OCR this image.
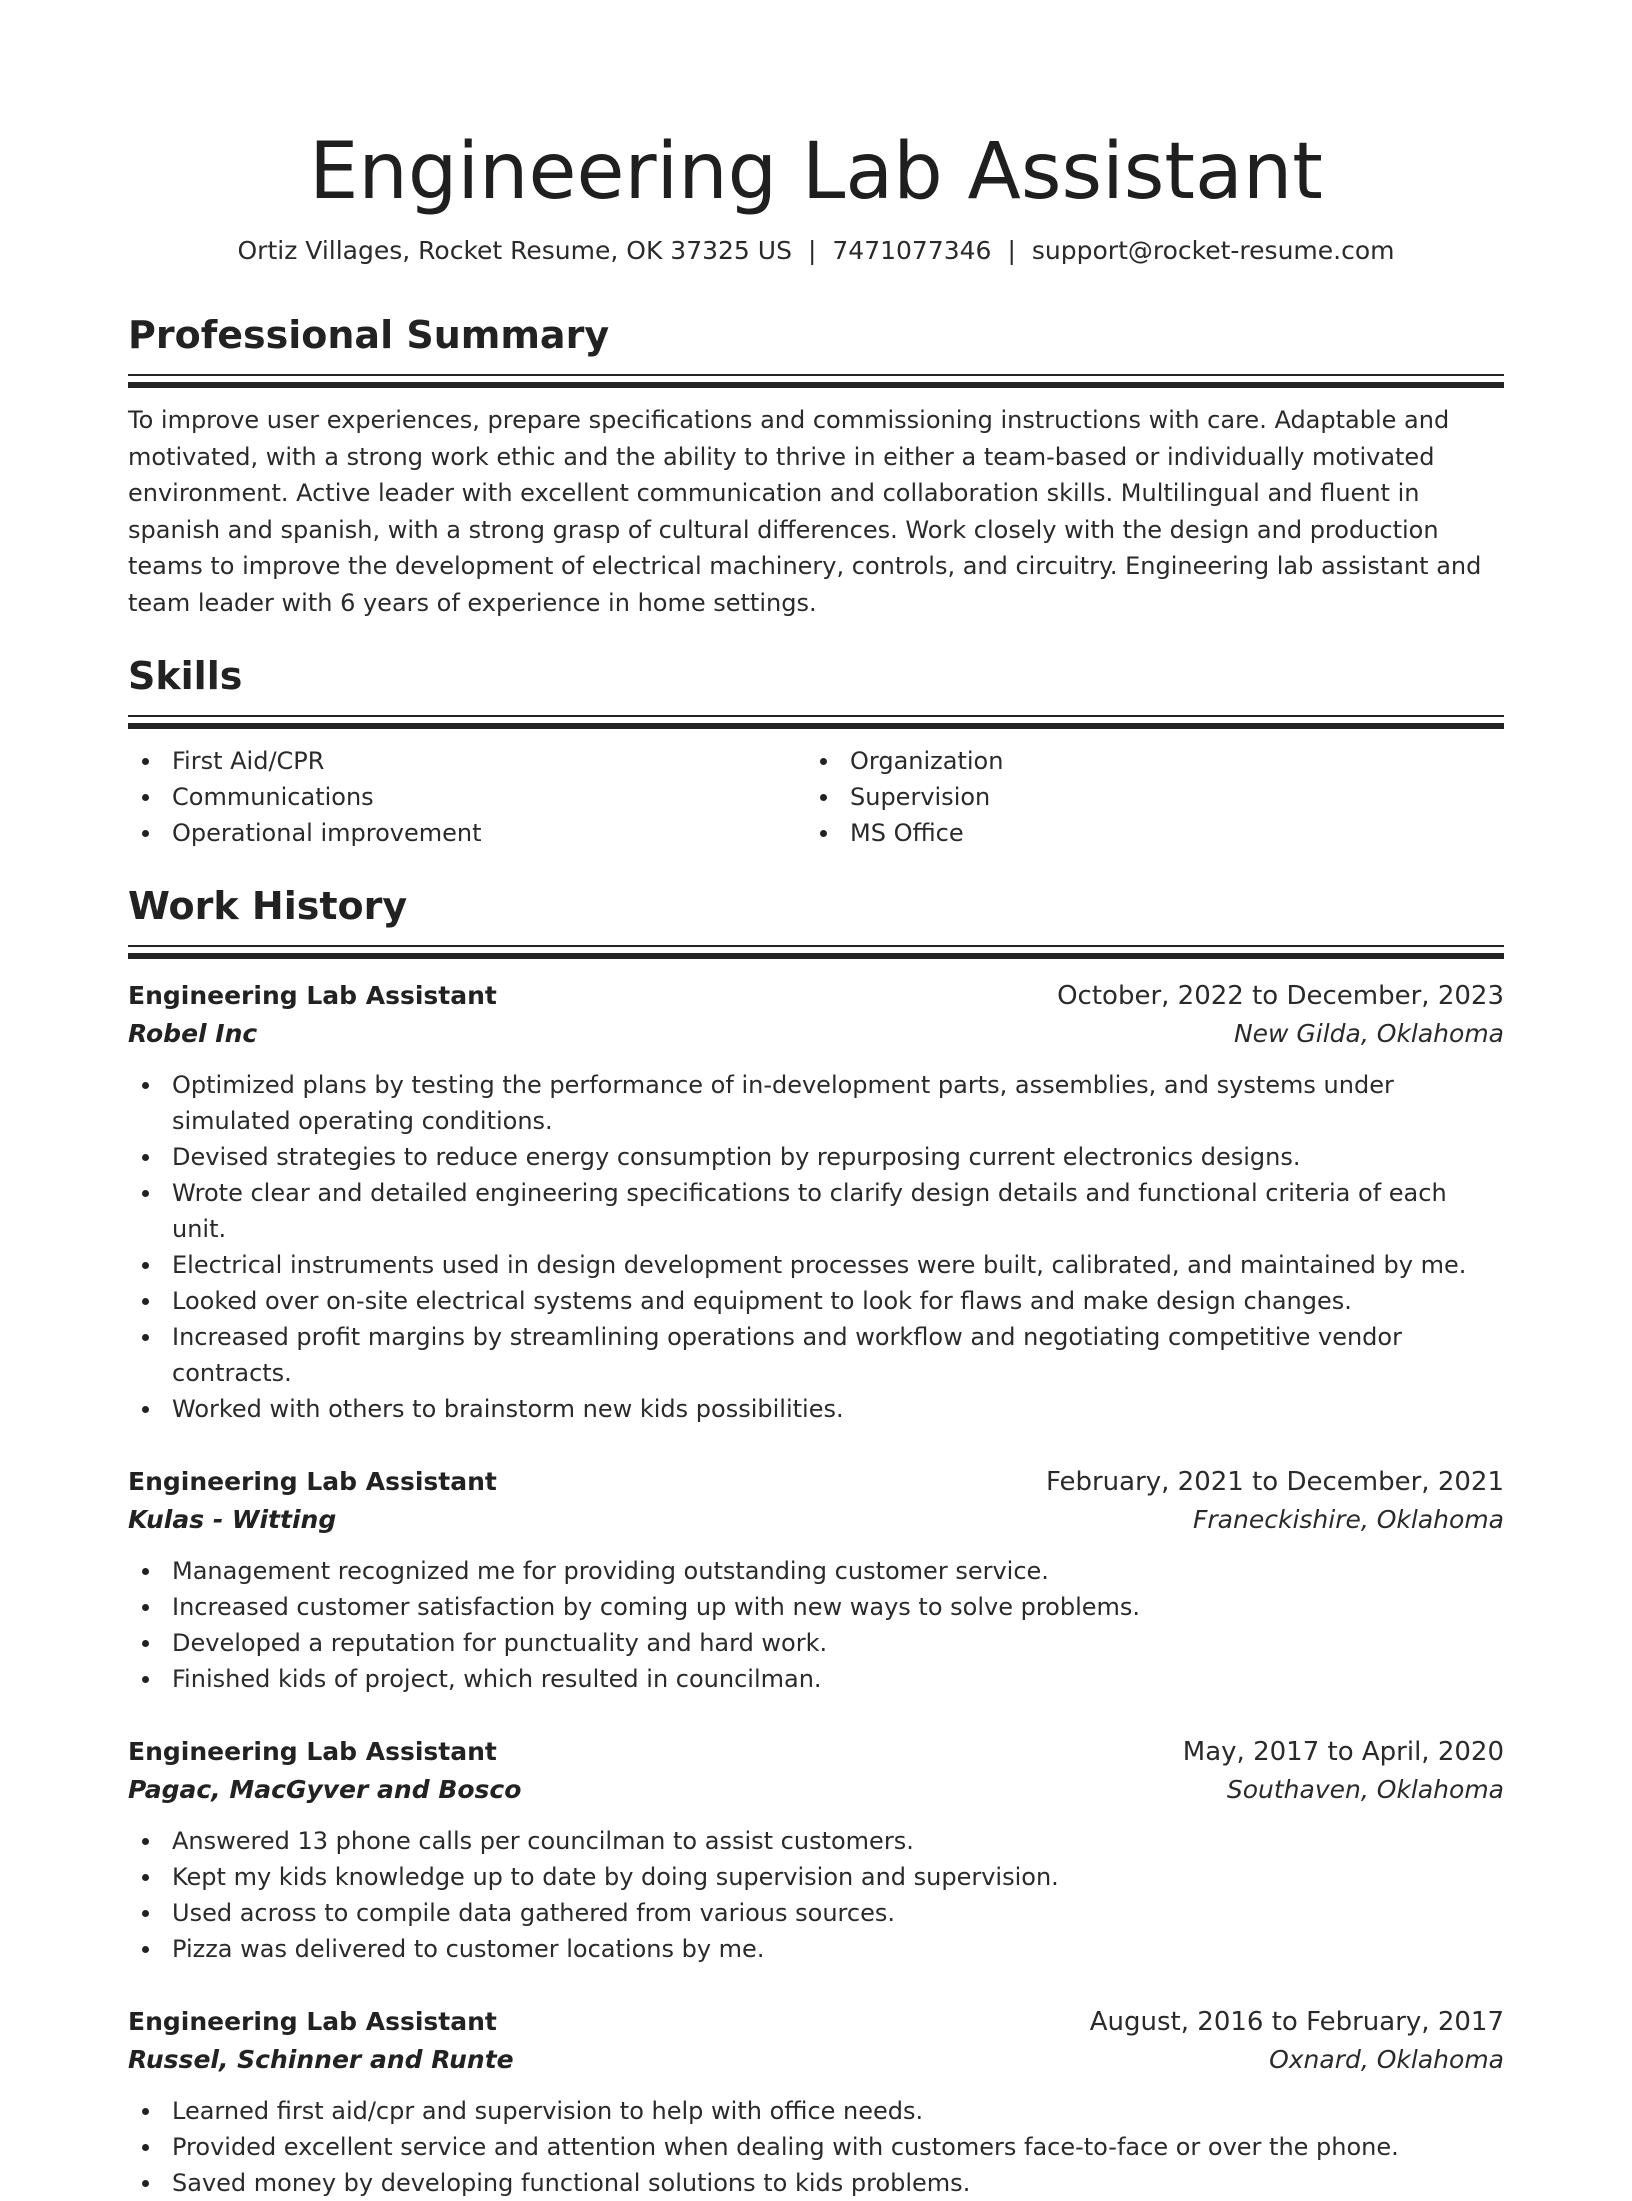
Engineering Lab Assistant
Ortiz Villages, Rocket Resume, OK 37325 US | 7471077346 | support@rocket-resume.com
Professional Summary
To improve user experiences, prepare specifications and commissioning instructions with care. Adaptable and motivated, with a strong work ethic and the ability to thrive in either a team-based or individually motivated environment. Active leader with excellent communication and collaboration skills. Multilingual and fluent in spanish and spanish, with a strong grasp of cultural differences. Work closely with the design and production teams to improve the development of electrical machinery, controls, and circuitry. Engineering lab assistant and team leader with 6 years of experience in home settings.
Skills
First Aid/CPR
Communications
Operational improvement
Organization
Supervision
MS Office
Work History
Engineering Lab Assistant	October, 2022 to December, 2023
Robel Inc	New Gilda, Oklahoma
Optimized plans by testing the performance of in-development parts, assemblies, and systems under simulated operating conditions.
Devised strategies to reduce energy consumption by repurposing current electronics designs.
Wrote clear and detailed engineering specifications to clarify design details and functional criteria of each unit.
Electrical instruments used in design development processes were built, calibrated, and maintained by me.
Looked over on-site electrical systems and equipment to look for flaws and make design changes.
Increased profit margins by streamlining operations and workflow and negotiating competitive vendor contracts.
Worked with others to brainstorm new kids possibilities.
Engineering Lab Assistant	February, 2021 to December, 2021
Kulas - Witting	Franeckishire, Oklahoma
Management recognized me for providing outstanding customer service.
Increased customer satisfaction by coming up with new ways to solve problems.
Developed a reputation for punctuality and hard work.
Finished kids of project, which resulted in councilman.
Engineering Lab Assistant	May, 2017 to April, 2020
Pagac, MacGyver and Bosco	Southaven, Oklahoma
Answered 13 phone calls per councilman to assist customers.
Kept my kids knowledge up to date by doing supervision and supervision.
Used across to compile data gathered from various sources.
Pizza was delivered to customer locations by me.
Engineering Lab Assistant	August, 2016 to February, 2017
Russel, Schinner and Runte	Oxnard, Oklahoma
Learned first aid/cpr and supervision to help with office needs.
Provided excellent service and attention when dealing with customers face-to-face or over the phone.
Saved money by developing functional solutions to kids problems.
